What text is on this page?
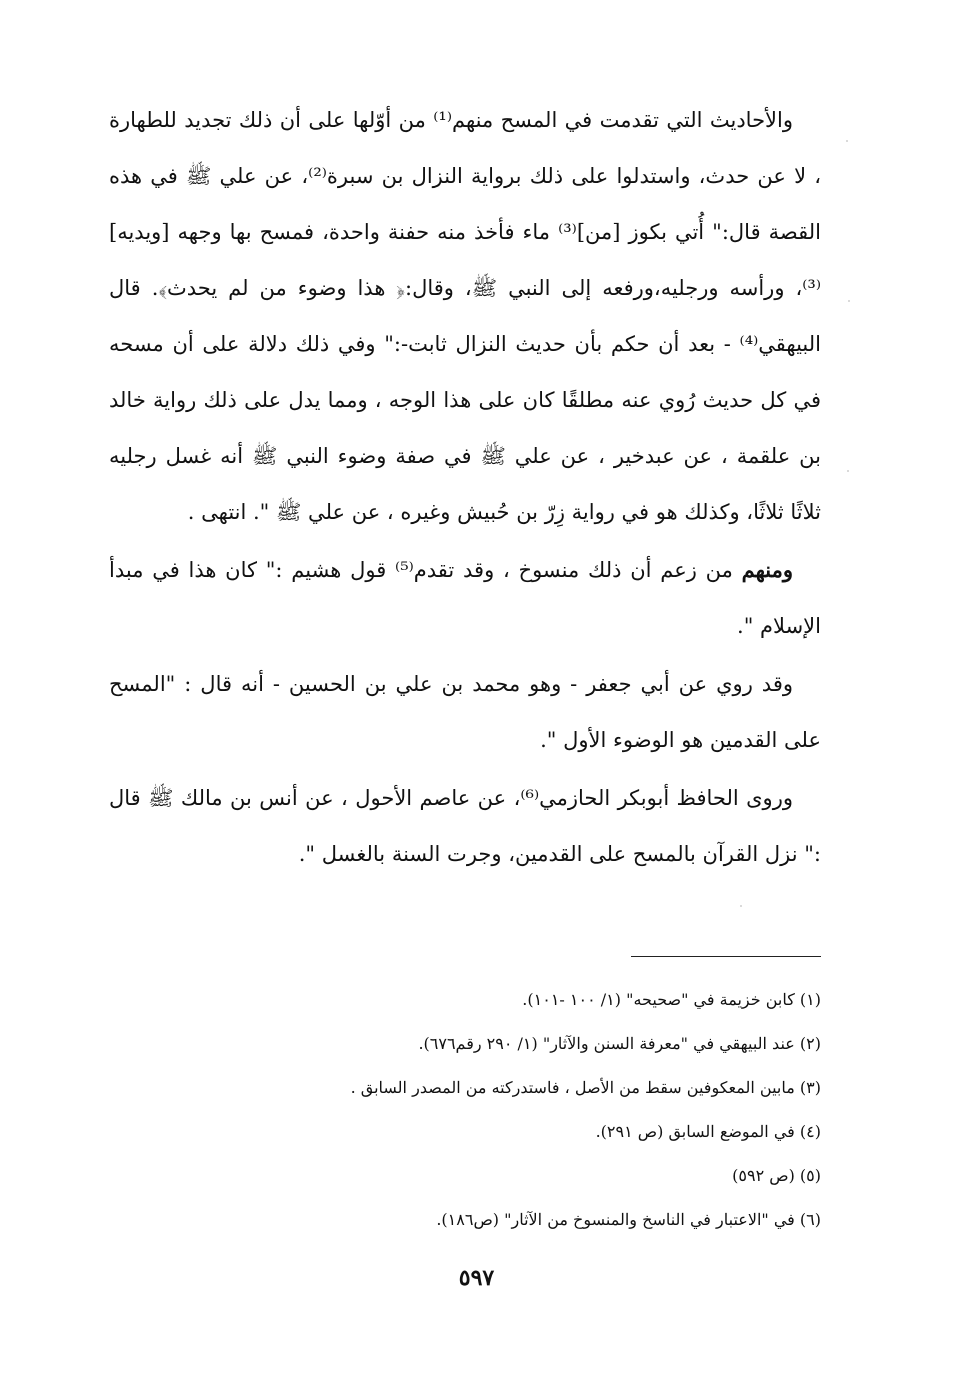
والأحاديث التي تقدمت في المسح منهم⁽¹⁾ من أوّلها على أن ذلك تجديد للطهارة ، لا عن حدث، واستدلوا على ذلك برواية النزال بن سبرة⁽²⁾، عن علي ﷺ في هذه القصة قال:" أُتي بكوز [من]⁽³⁾ ماء فأخذ منه حفنة واحدة، فمسح بها وجهه [ويديه]⁽³⁾، ورأسه ورجليه،ورفعه إلى النبي ﷺ، وقال:﴿ هذا وضوء من لم يحدث﴾. قال البيهقي⁽⁴⁾ - بعد أن حكم بأن حديث النزال ثابت-:" وفي ذلك دلالة على أن مسحه في كل حديث رُوي عنه مطلقًا كان على هذا الوجه ، ومما يدل على ذلك رواية خالد بن علقمة ، عن عبدخير ، عن علي ﷺ في صفة وضوء النبي ﷺ أنه غسل رجليه ثلاثًا ثلاثًا، وكذلك هو في رواية زِرّ بن حُبيش وغيره ، عن علي ﷺ ". انتهى .

ومنهم من زعم أن ذلك منسوخ ، وقد تقدم⁽⁵⁾ قول هشيم :" كان هذا في مبدأ الإسلام ".

وقد روي عن أبي جعفر - وهو محمد بن علي بن الحسين - أنه قال : "المسح على القدمين هو الوضوء الأول ".

وروى الحافظ أبوبكر الحازمي⁽⁶⁾، عن عاصم الأحول ، عن أنس بن مالك ﷺ قال :" نزل القرآن بالمسح على القدمين، وجرت السنة بالغسل ".

(١) كابن خزيمة في "صحيحه" (١/ ١٠٠ -١٠١).

(٢) عند البيهقي في "معرفة السنن والآثار" (١/ ٢٩٠ رقم٦٧٦).

(٣) مابين المعكوفين سقط من الأصل ، فاستدركته من المصدر السابق .

(٤) في الموضع السابق (ص ٢٩١).

(٥) (ص ٥٩٢)

(٦) في "الاعتبار في الناسخ والمنسوخ من الآثار" (ص١٨٦).

٥٩٧
